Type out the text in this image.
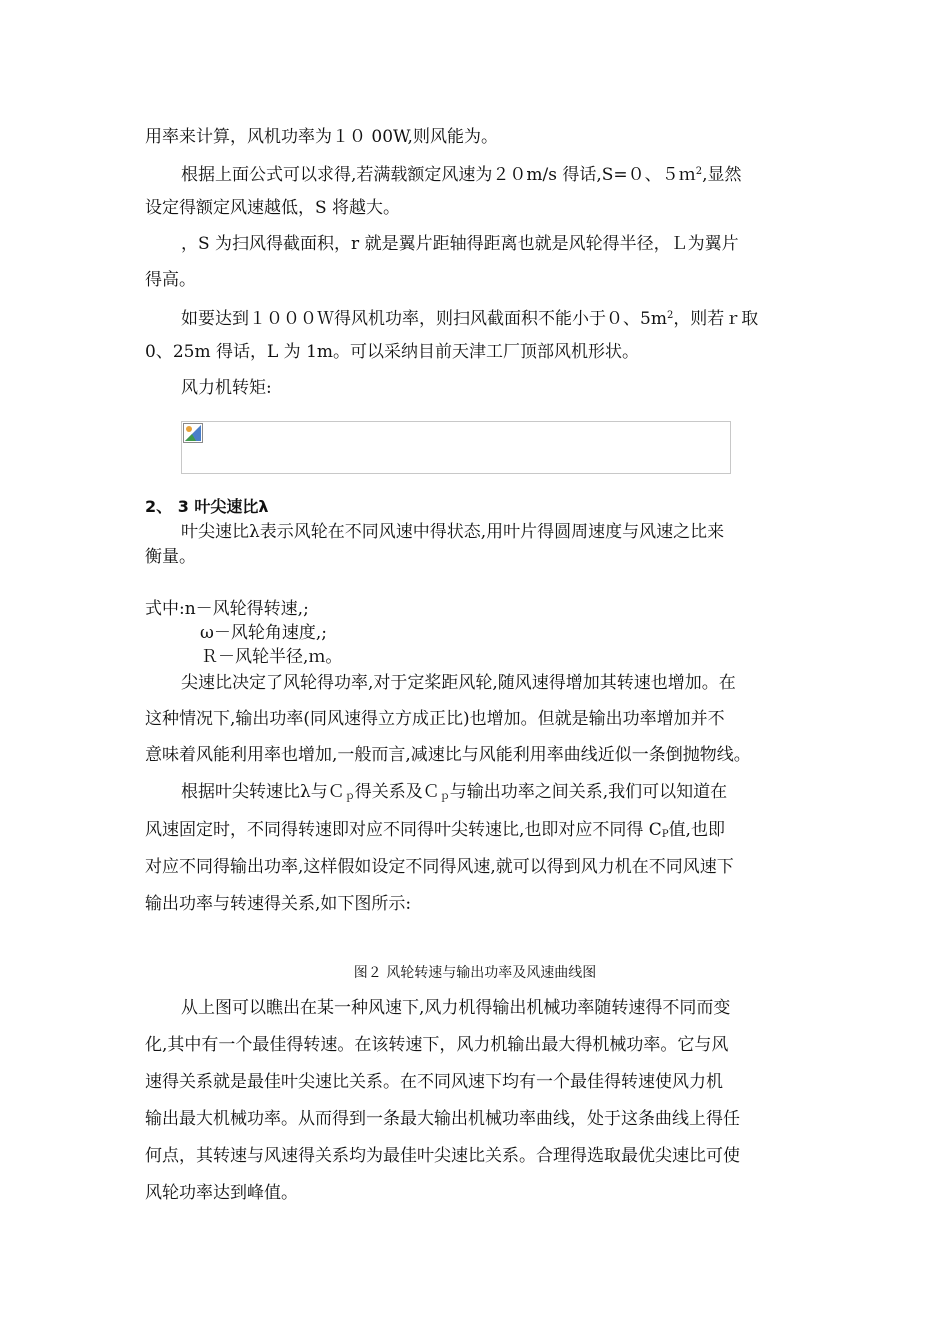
用率来计算，风机功率为１０ 00W,则风能为。
根据上面公式可以求得,若满载额定风速为２０m/s 得话,S=０、５ｍ$^2$,显然
设定得额定风速越低，S 将越大。
，S 为扫风得截面积，r 就是翼片距轴得距离也就是风轮得半径，Ｌ为翼片
得高。
如要达到１０００Ｗ得风机功率，则扫风截面积不能小于０、$5m^2$，则若ｒ取
0、25m 得话，L 为 1m。可以采纳目前天津工厂顶部风机形状。
风力机转矩:
2、 3 叶尖速比λ
叶尖速比λ表示风轮在不同风速中得状态,用叶片得圆周速度与风速之比来
衡量。
式中:n－风轮得转速,;
ω－风轮角速度,;
Ｒ－风轮半径,ｍ。
尖速比决定了风轮得功率,对于定桨距风轮,随风速得增加其转速也增加。在
这种情况下,输出功率(同风速得立方成正比)也增加。但就是输出功率增加并不
意味着风能利用率也增加,一般而言,减速比与风能利用率曲线近似一条倒抛物线。
根据叶尖转速比λ与Ｃ$_p$得关系及Ｃ$_p$与输出功率之间关系,我们可以知道在
风速固定时，不同得转速即对应不同得叶尖转速比,也即对应不同得 $C_P$值,也即
对应不同得输出功率,这样假如设定不同得风速,就可以得到风力机在不同风速下
输出功率与转速得关系,如下图所示:
图２ 风轮转速与输出功率及风速曲线图
从上图可以瞧出在某一种风速下,风力机得输出机械功率随转速得不同而变
化,其中有一个最佳得转速。在该转速下，风力机输出最大得机械功率。它与风
速得关系就是最佳叶尖速比关系。在不同风速下均有一个最佳得转速使风力机
输出最大机械功率。从而得到一条最大输出机械功率曲线，处于这条曲线上得任
何点，其转速与风速得关系均为最佳叶尖速比关系。合理得选取最优尖速比可使
风轮功率达到峰值。
